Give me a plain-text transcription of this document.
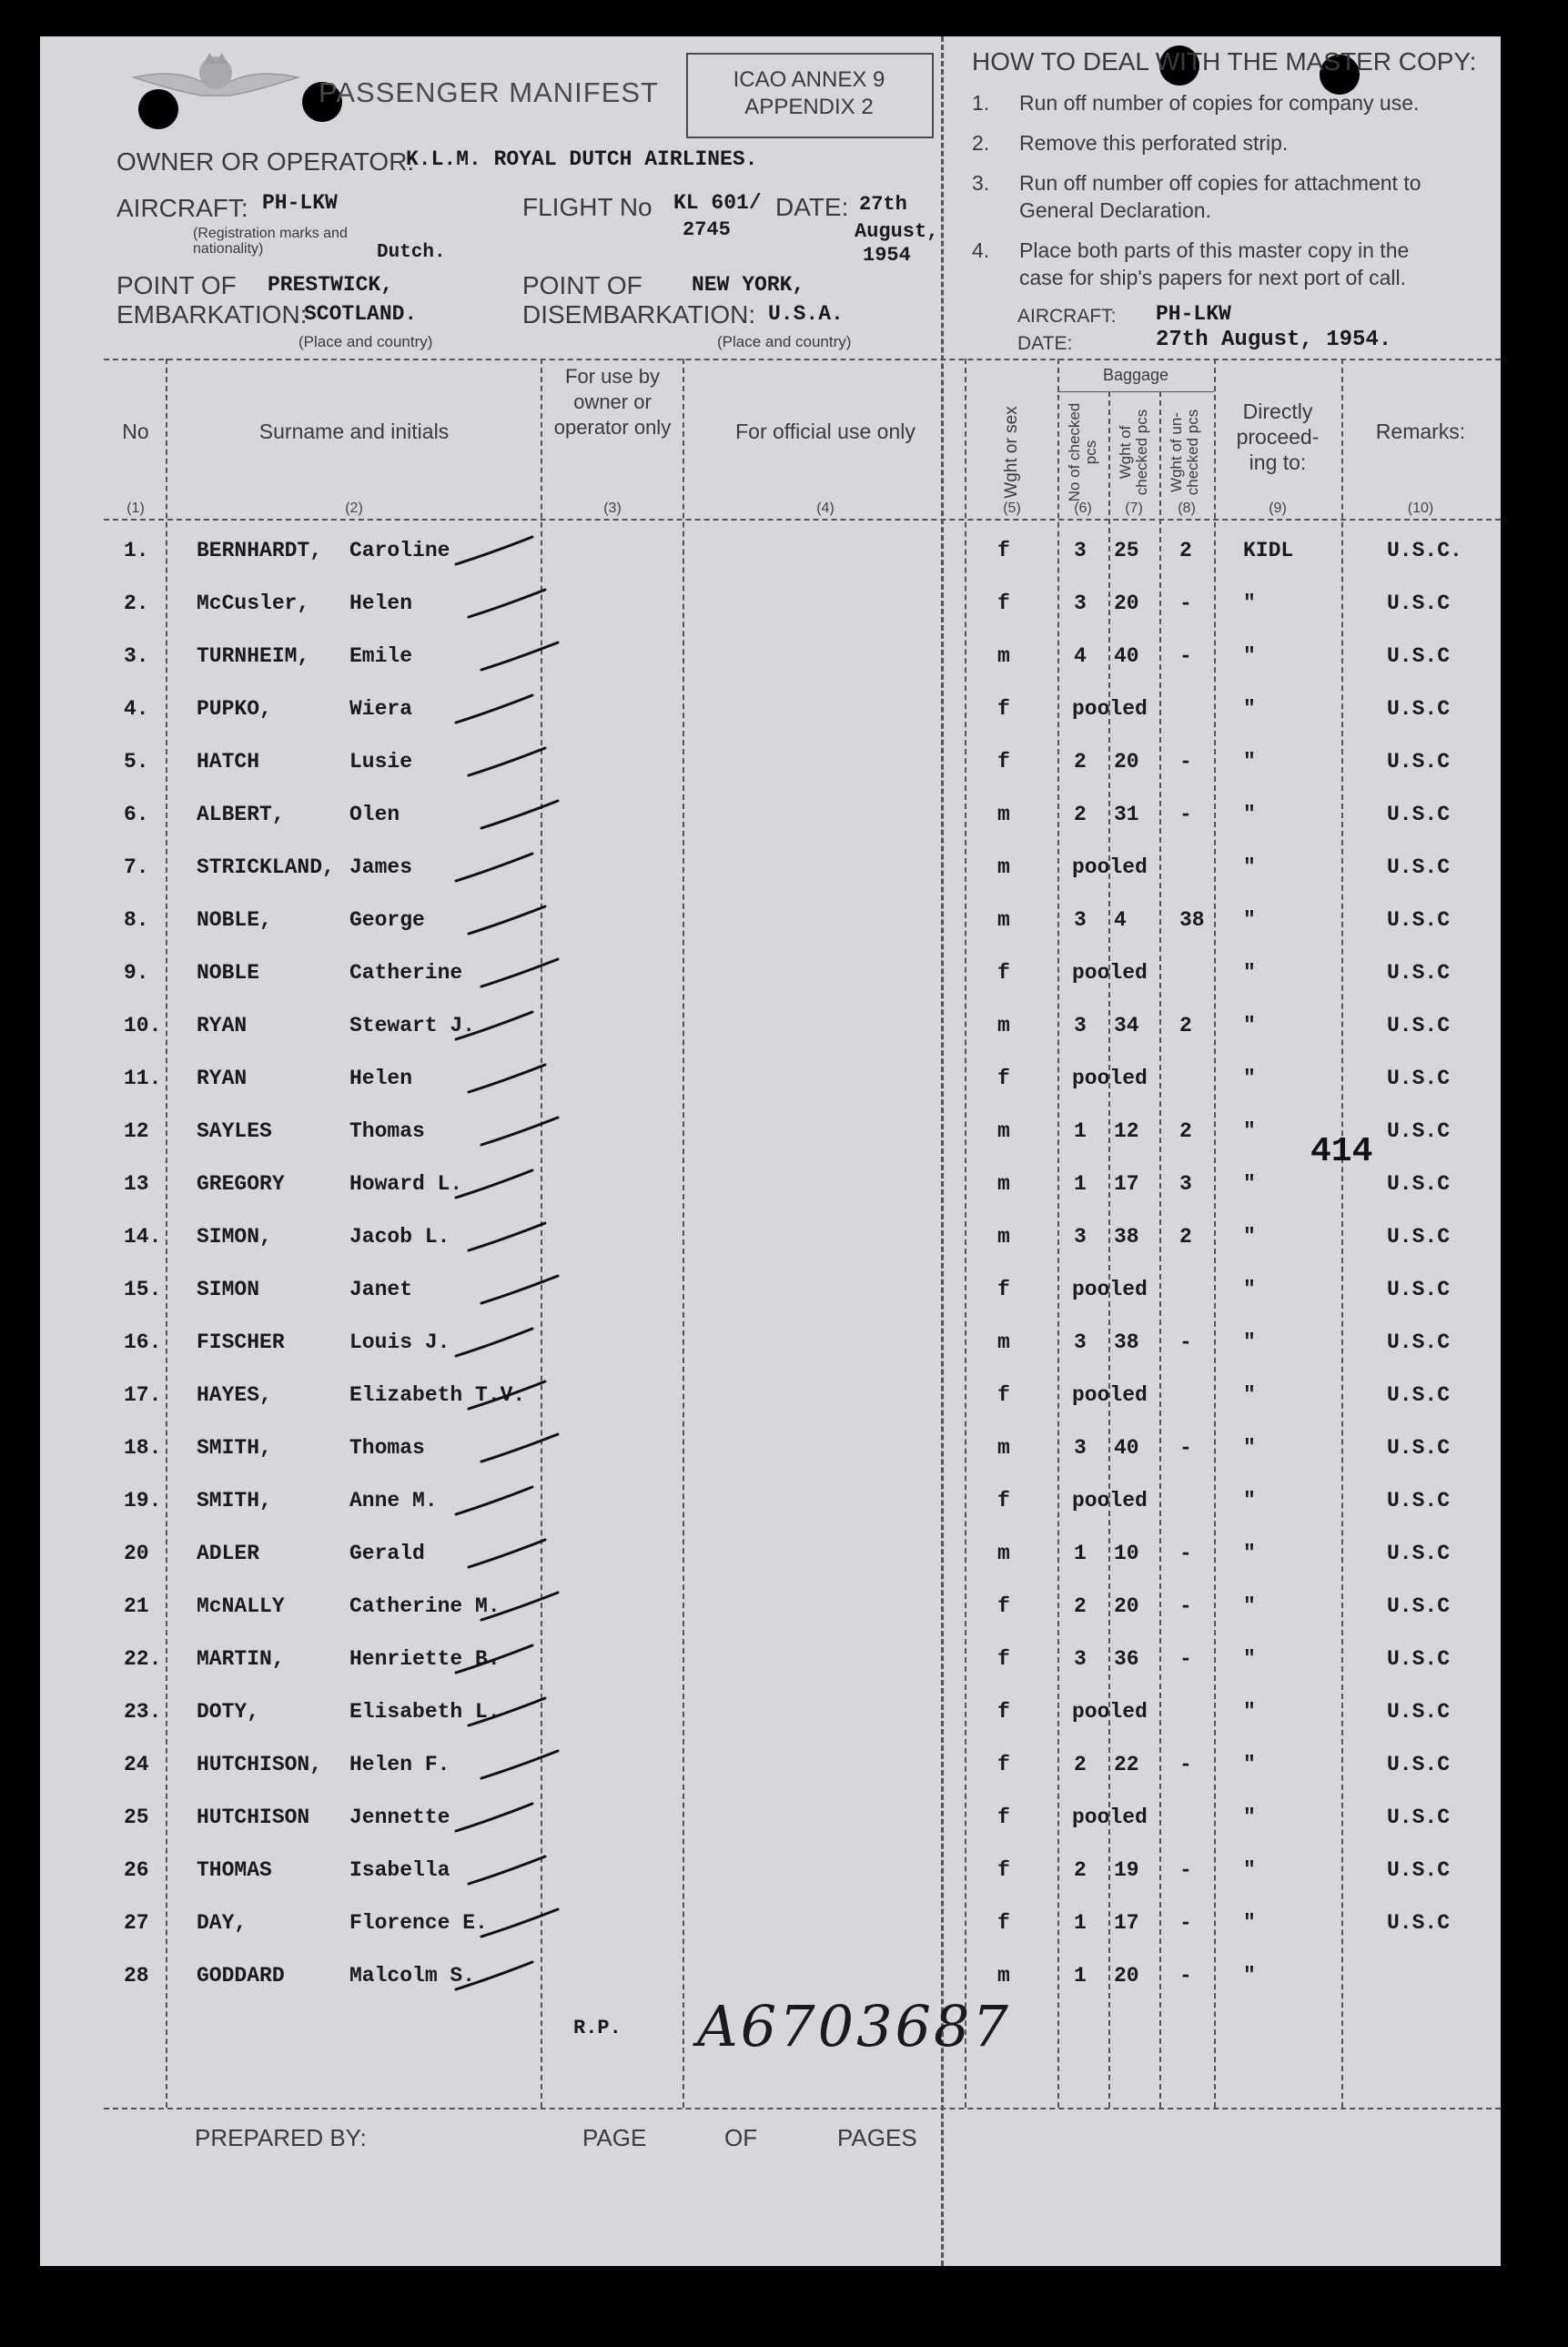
PASSENGER MANIFEST	ICAO ANNEX 9
APPENDIX 2
OWNER OR OPERATOR:
K.L.M. ROYAL DUTCH AIRLINES.
AIRCRAFT: PH-LKW
(Registration marks and nationality)	Dutch.
FLIGHT No KL 601/
2745
DATE: 27th
August,
1954
POINT OF
EMBARKATION:
PRESTWICK,
SCOTLAND.
(Place and country)
POINT OF
DISEMBARKATION:
NEW YORK,
U.S.A.
(Place and country)
HOW TO DEAL WITH THE MASTER COPY:
1. Run off number of copies for company use.
2. Remove this perforated strip.
3. Run off number off copies for attachment to
General Declaration.
4. Place both parts of this master copy in the
case for ship's papers for next port of call.
AIRCRAFT: PH-LKW
DATE:	27th August, 1954.
No	Surname and initials
For use by owner or operator only	For official use only	Wght or sex
Baggage
No of checked pcs Wght of checked pcs Wght of un-checked pcs	Directly proceed-ing to:
Remarks:
(1)	(2)	(3)	(4)	(5)	(6)	(7)	(8)	(9)	(10)
1. BERNHARDT, Caroline	f	3 25 2 KIDL	U.S.C.
2. McCusler, Helen	f	3 20 - "	U.S.C
3. TURNHEIM, Emile	m	4 40 - "	U.S.C
4. PUPKO,	Wiera	f	pooled	"	U.S.C
5. HATCH	Lusie	f	2 20 - "	U.S.C
6. ALBERT,	Olen	m	2 31 - "	U.S.C
7. STRICKLAND, James	m	pooled	"	U.S.C
8. NOBLE,	George	m	3 4	38 "	U.S.C
9. NOBLE	Catherine	f	pooled	"	U.S.C
10. RYAN	Stewart J.	m	3 34 2 "	U.S.C
11. RYAN	Helen	f	pooled	"	U.S.C
12 SAYLES	Thomas	m	1 12 2 "	U.S.C
13 GREGORY	Howard L.	m	1 17 3 "	U.S.C
14. SIMON,	Jacob L.	m	3 38 2 "	U.S.C
15. SIMON	Janet	f	pooled	"	U.S.C
16. FISCHER	Louis J.	m	3 38 - "	U.S.C
17. HAYES,	Elizabeth T.V.	f	pooled	"	U.S.C
18. SMITH,	Thomas	m	3 40 - "	U.S.C
19. SMITH,	Anne M.	f	pooled	"	U.S.C
20 ADLER	Gerald	m	1 10 - "	U.S.C
21 McNALLY	Catherine M.	f	2 20 - "	U.S.C
22. MARTIN,	Henriette B.	f	3 36 - "	U.S.C
23. DOTY,	Elisabeth L.	f	pooled	"	U.S.C
24 HUTCHISON, Helen F.	f	2 22 - "	U.S.C
25 HUTCHISON Jennette	f	pooled	"	U.S.C
26 THOMAS	Isabella	f	2 19 - "	U.S.C
27 DAY,	Florence E.	f	1 17 - "	U.S.C
28 GODDARD	Malcolm S.	m	1 20 - "
414
R.P. A6703687
PREPARED BY:	PAGE	OF	PAGES
